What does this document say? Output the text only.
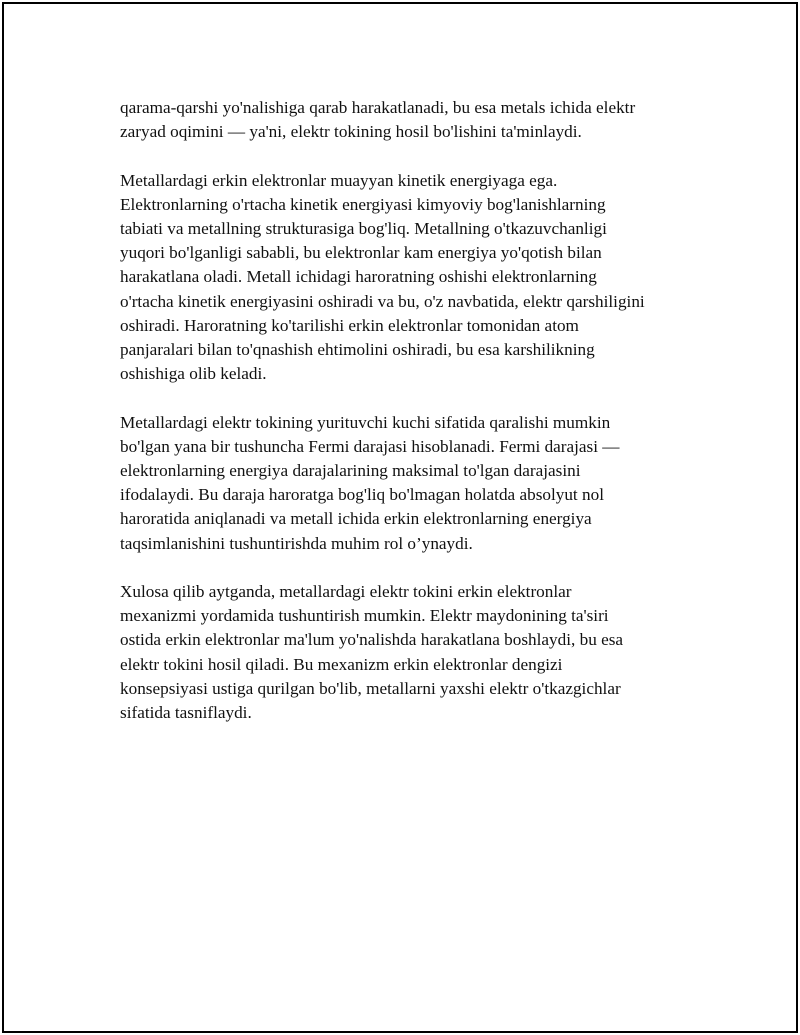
qarama-qarshi yo'nalishiga qarab harakatlanadi, bu esa metals ichida elektr
zaryad oqimini — ya'ni, elektr tokining hosil bo'lishini ta'minlaydi.

Metallardagi erkin elektronlar muayyan kinetik energiyaga ega.
Elektronlarning o'rtacha kinetik energiyasi kimyoviy bog'lanishlarning
tabiati va metallning strukturasiga bog'liq. Metallning o'tkazuvchanligi
yuqori bo'lganligi sababli, bu elektronlar kam energiya yo'qotish bilan
harakatlana oladi. Metall ichidagi haroratning oshishi elektronlarning
o'rtacha kinetik energiyasini oshiradi va bu, o'z navbatida, elektr qarshiligini
oshiradi. Haroratning ko'tarilishi erkin elektronlar tomonidan atom
panjaralari bilan to'qnashish ehtimolini oshiradi, bu esa karshilikning
oshishiga olib keladi.

Metallardagi elektr tokining yurituvchi kuchi sifatida qaralishi mumkin
bo'lgan yana bir tushuncha Fermi darajasi hisoblanadi. Fermi darajasi —
elektronlarning energiya darajalarining maksimal to'lgan darajasini
ifodalaydi. Bu daraja haroratga bog'liq bo'lmagan holatda absolyut nol
haroratida aniqlanadi va metall ichida erkin elektronlarning energiya
taqsimlanishini tushuntirishda muhim rol o’ynaydi.

Xulosa qilib aytganda, metallardagi elektr tokini erkin elektronlar
mexanizmi yordamida tushuntirish mumkin. Elektr maydonining ta'siri
ostida erkin elektronlar ma'lum yo'nalishda harakatlana boshlaydi, bu esa
elektr tokini hosil qiladi. Bu mexanizm erkin elektronlar dengizi
konsepsiyasi ustiga qurilgan bo'lib, metallarni yaxshi elektr o'tkazgichlar
sifatida tasniflaydi.
